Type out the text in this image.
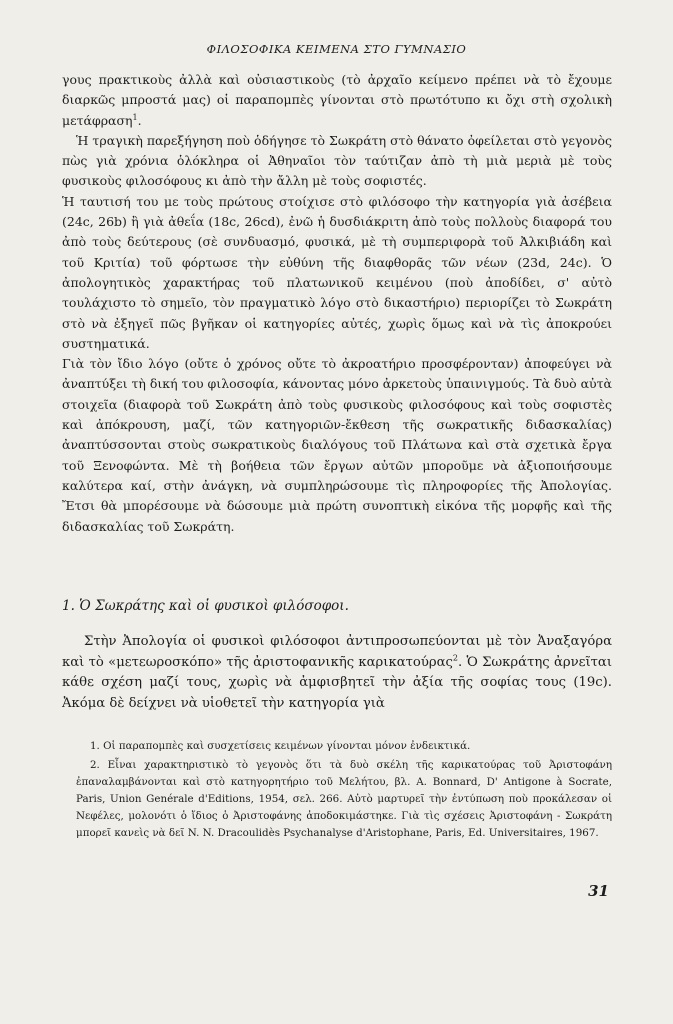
ΦΙΛΟΣΟΦΙΚΑ ΚΕΙΜΕΝΑ ΣΤΟ ΓΥΜΝΑΣΙΟ

γους πρακτικοὺς ἀλλὰ καὶ οὐσιαστικοὺς (τὸ ἀρχαῖο κείμενο πρέπει νὰ τὸ ἔχουμε διαρκῶς μπροστά μας) οἱ παραπομπὲς γίνονται στὸ πρωτότυπο κι ὄχι στὴ σχολικὴ μετάφραση$^1$.

Ἡ τραγικὴ παρεξήγηση ποὺ ὁδήγησε τὸ Σωκράτη στὸ θάνατο ὀφείλεται στὸ γεγονὸς πὼς γιὰ χρόνια ὁλόκληρα οἱ Ἀθηναῖοι τὸν ταύτιζαν ἀπὸ τὴ μιὰ μεριὰ μὲ τοὺς φυσικοὺς φιλοσόφους κι ἀπὸ τὴν ἄλλη μὲ τοὺς σοφιστές.

Ἡ ταυτισή του με τοὺς πρώτους στοίχισε στὸ φιλόσοφο τὴν κατηγορία γιὰ ἀσέβεια (24c, 26b) ἢ γιὰ ἀθεΐα (18c, 26cd), ἐνῶ ἡ δυσδιάκριτη ἀπὸ τοὺς πολλοὺς διαφορά του ἀπὸ τοὺς δεύτερους (σὲ συνδυασμό, φυσικά, μὲ τὴ συμπεριφορὰ τοῦ Ἀλκιβιάδη καὶ τοῦ Κριτία) τοῦ φόρτωσε τὴν εὐθύνη τῆς διαφθορᾶς τῶν νέων (23d, 24c). Ὁ ἀπολογητικὸς χαρακτήρας τοῦ πλατωνικοῦ κειμένου (ποὺ ἀποδίδει, σ' αὐτὸ τουλάχιστο τὸ σημεῖο, τὸν πραγματικὸ λόγο στὸ δικαστήριο) περιορίζει τὸ Σωκράτη στὸ νὰ ἐξηγεῖ πῶς βγῆκαν οἱ κατηγορίες αὐτές, χωρὶς ὅμως καὶ νὰ τὶς ἀποκρούει συστηματικά.

Γιὰ τὸν ἴδιο λόγο (οὔτε ὁ χρόνος οὔτε τὸ ἀκροατήριο προσφέρονταν) ἀποφεύγει νὰ ἀναπτύξει τὴ δική του φιλοσοφία, κάνοντας μόνο ἀρκετοὺς ὑπαινιγμούς. Τὰ δυὸ αὐτὰ στοιχεῖα (διαφορὰ τοῦ Σωκράτη ἀπὸ τοὺς φυσικοὺς φιλοσόφους καὶ τοὺς σοφιστὲς καὶ ἀπόκρουση, μαζί, τῶν κατηγοριῶν-ἔκθεση τῆς σωκρατικῆς διδασκαλίας) ἀναπτύσσονται στοὺς σωκρατικοὺς διαλόγους τοῦ Πλάτωνα καὶ στὰ σχετικὰ ἔργα τοῦ Ξενοφώντα. Μὲ τὴ βοήθεια τῶν ἔργων αὐτῶν μποροῦμε νὰ ἀξιοποιήσουμε καλύτερα καί, στὴν ἀνάγκη, νὰ συμπληρώσουμε τὶς πληροφορίες τῆς Ἀπολογίας. Ἔτσι θὰ μπορέσουμε νὰ δώσουμε μιὰ πρώτη συνοπτικὴ εἰκόνα τῆς μορφῆς καὶ τῆς διδασκαλίας τοῦ Σωκράτη.

1. Ὁ Σωκράτης καὶ οἱ φυσικοὶ φιλόσοφοι.

Στὴν Ἀπολογία οἱ φυσικοὶ φιλόσοφοι ἀντιπροσωπεύονται μὲ τὸν Ἀναξαγόρα καὶ τὸ «μετεωροσκόπο» τῆς ἀριστοφανικῆς καρικατούρας$^2$. Ὁ Σωκράτης ἀρνεῖται κάθε σχέση μαζί τους, χωρὶς νὰ ἀμφισβητεῖ τὴν ἀξία τῆς σοφίας τους (19c). Ἀκόμα δὲ δείχνει νὰ υἱοθετεῖ τὴν κατηγορία γιὰ

1. Οἱ παραπομπὲς καὶ συσχετίσεις κειμένων γίνονται μόνον ἐνδεικτικά.

2. Εἶναι χαρακτηριστικὸ τὸ γεγονὸς ὅτι τὰ δυὸ σκέλη τῆς καρικατούρας τοῦ Ἀριστοφάνη ἐπαναλαμβάνονται καὶ στὸ κατηγορητήριο τοῦ Μελήτου, βλ. A. Bonnard, D' Antigone à Socrate, Paris, Union Genérale d'Editions, 1954, σελ. 266. Αὐτὸ μαρτυρεῖ τὴν ἐντύπωση ποὺ προκάλεσαν οἱ Νεφέλες, μολονότι ὁ ἴδιος ὁ Ἀριστοφάνης ἀποδοκιμάστηκε. Γιὰ τὶς σχέσεις Ἀριστοφάνη - Σωκράτη μπορεῖ κανεὶς νὰ δεῖ N. N. Dracoulidès Psychanalyse d'Aristophane, Paris, Ed. Universitaires, 1967.

31
